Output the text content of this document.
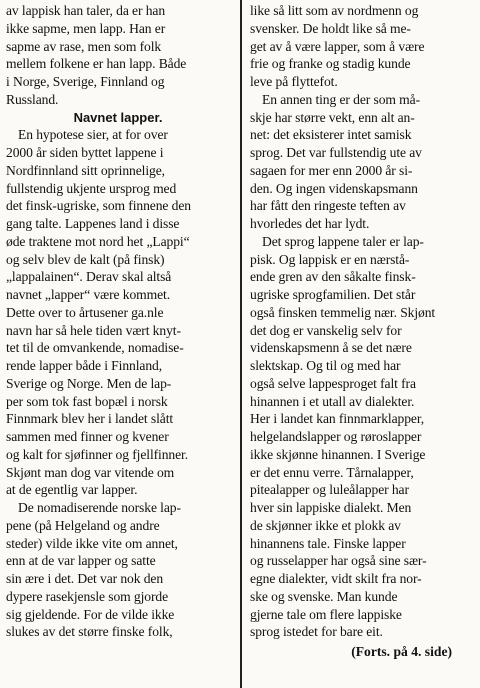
av lappisk han taler, da er han
ikke sapme, men lapp. Han er
sapme av rase, men som folk
mellem folkene er han lapp. Både
i Norge, Sverige, Finnland og
Russland.

Navnet lapper.

En hypotese sier, at for over
2000 år siden byttet lappene i
Nordfinnland sitt oprinnelige,
fullstendig ukjente ursprog med
det finsk-ugriske, som finnene den
gang talte. Lappenes land i disse
øde traktene mot nord het „Lappi“
og selv blev de kalt (på finsk)
„lappalainen“. Derav skal altså
navnet „lapper“ være kommet.
Dette over to årtusener ga.nle
navn har så hele tiden vært knyt-
tet til de omvankende, nomadise-
rende lapper både i Finnland,
Sverige og Norge. Men de lap-
per som tok fast bopæl i norsk
Finnmark blev her i landet slått
sammen med finner og kvener
og kalt for sjøfinner og fjellfinner.
Skjønt man dog var vitende om
at de egentlig var lapper.

De nomadiserende norske lap-
pene (på Helgeland og andre
steder) vilde ikke vite om annet,
enn at de var lapper og satte
sin ære i det. Det var nok den
dypere rasekjensle som gjorde
sig gjeldende. For de vilde ikke
slukes av det større finske folk,

like så litt som av nordmenn og
svensker. De holdt like så me-
get av å være lapper, som å være
frie og franke og stadig kunde
leve på flyttefot.

En annen ting er der som må-
skje har større vekt, enn alt an-
net: det eksisterer intet samisk
sprog. Det var fullstendig ute av
sagaen for mer enn 2000 år si-
den. Og ingen videnskapsmann
har fått den ringeste teften av
hvorledes det har lydt.

Det sprog lappene taler er lap-
pisk. Og lappisk er en nærstå-
ende gren av den såkalte finsk-
ugriske sprogfamilien. Det står
også finsken temmelig nær. Skjønt
det dog er vanskelig selv for
videnskapsmenn å se det nære
slektskap. Og til og med har
også selve lappesproget falt fra
hinannen i et utall av dialekter.
Her i landet kan finnmarklapper,
helgelandslapper og røroslapper
ikke skjønne hinannen. I Sverige
er det ennu verre. Tårnalapper,
pitealapper og luleålapper har
hver sin lappiske dialekt. Men
de skjønner ikke et plokk av
hinannens tale. Finske lapper
og russelapper har også sine sær-
egne dialekter, vidt skilt fra nor-
ske og svenske. Man kunde
gjerne tale om flere lappiske
sprog istedet for bare eit.

(Forts. på 4. side)
